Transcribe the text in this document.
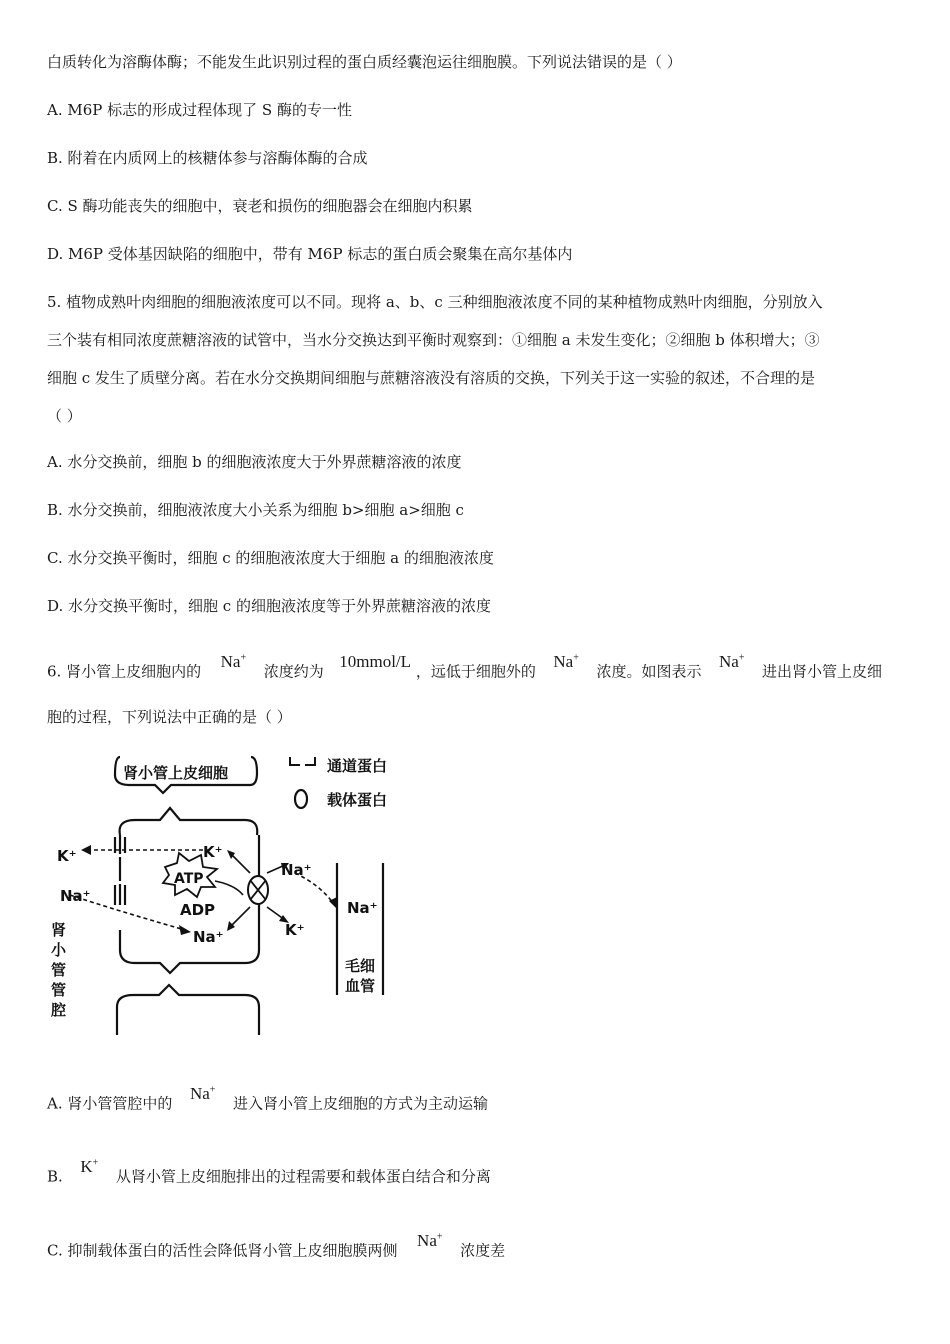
白质转化为溶酶体酶；不能发生此识别过程的蛋白质经囊泡运往细胞膜。下列说法错误的是（ ）
A. M6P 标志的形成过程体现了 S 酶的专一性
B. 附着在内质网上的核糖体参与溶酶体酶的合成
C. S 酶功能丧失的细胞中，衰老和损伤的细胞器会在细胞内积累
D. M6P 受体基因缺陷的细胞中，带有 M6P 标志的蛋白质会聚集在高尔基体内
5. 植物成熟叶肉细胞的细胞液浓度可以不同。现将 a、b、c 三种细胞液浓度不同的某种植物成熟叶肉细胞，分别放入
三个装有相同浓度蔗糖溶液的试管中，当水分交换达到平衡时观察到：①细胞 a 未发生变化；②细胞 b 体积增大；③
细胞 c 发生了质壁分离。若在水分交换期间细胞与蔗糖溶液没有溶质的交换，下列关于这一实验的叙述，不合理的是
（ ）
A. 水分交换前，细胞 b 的细胞液浓度大于外界蔗糖溶液的浓度
B. 水分交换前，细胞液浓度大小关系为细胞 b>细胞 a>细胞 c
C. 水分交换平衡时，细胞 c 的细胞液浓度大于细胞 a 的细胞液浓度
D. 水分交换平衡时，细胞 c 的细胞液浓度等于外界蔗糖溶液的浓度
6. 肾小管上皮细胞内的  Na+  浓度约为  10mmol/L ，远低于细胞外的  Na+  浓度。如图表示  Na+  进出肾小管上皮细
胞的过程，下列说法中正确的是（ ）
肾小管上皮细胞	通道蛋白
载体蛋白
K⁺	K⁺
Na⁺
ATP
ADP
Na⁺
Na⁺
K⁺
Na⁺
肾
小
管
管
腔
毛细
血管
A. 肾小管管腔中的  Na+  进入肾小管上皮细胞的方式为主动运输
B.  K+  从肾小管上皮细胞排出的过程需要和载体蛋白结合和分离
C. 抑制载体蛋白的活性会降低肾小管上皮细胞膜两侧  Na+  浓度差
